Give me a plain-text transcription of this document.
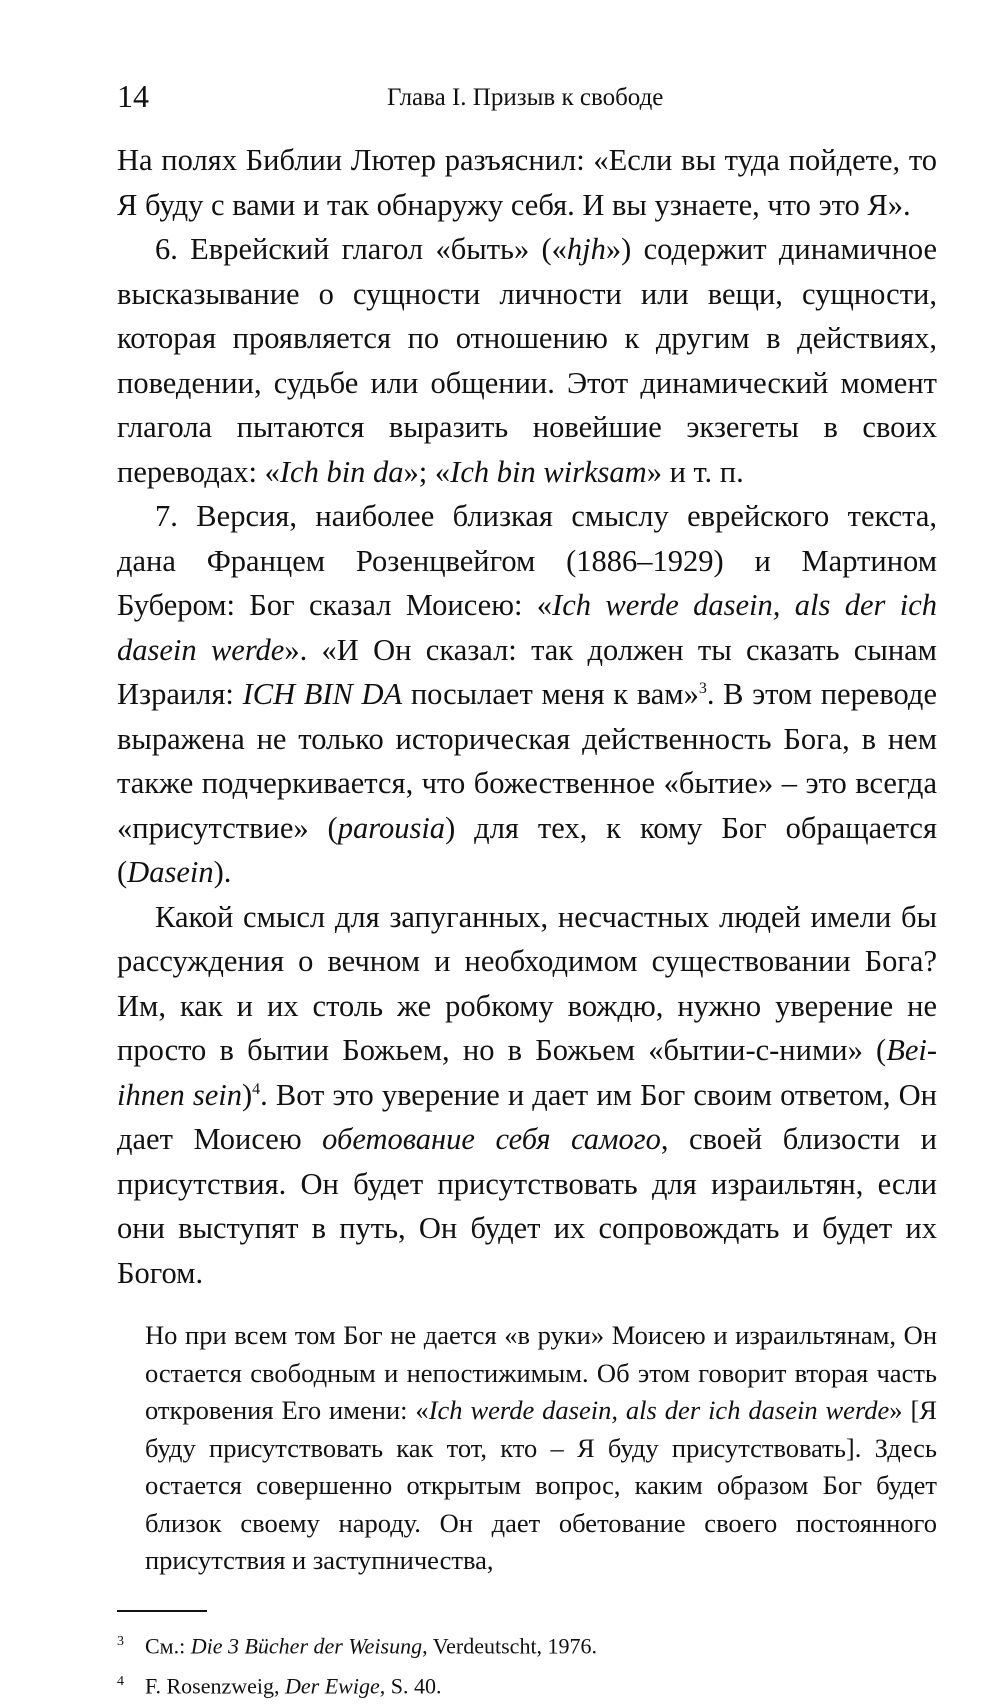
14	Глава I. Призыв к свободе

На полях Библии Лютер разъяснил: «Если вы туда пойдете, то Я буду с вами и так обнаружу себя. И вы узнаете, что это Я».

6. Еврейский глагол «быть» («hjh») содержит динамичное высказывание о сущности личности или вещи, сущности, которая проявляется по отношению к другим в действиях, поведении, судьбе или общении. Этот динамический момент глагола пытаются выразить новейшие экзегеты в своих переводах: «Ich bin da»; «Ich bin wirksam» и т. п.

7. Версия, наиболее близкая смыслу еврейского текста, дана Францем Розенцвейгом (1886–1929) и Мартином Бубером: Бог сказал Моисею: «Ich werde dasein, als der ich dasein werde». «И Он сказал: так должен ты сказать сынам Израиля: ICH BIN DA посылает меня к вам»$^3$. В этом переводе выражена не только историческая действенность Бога, в нем также подчеркивается, что божественное «бытие» – это всегда «присутствие» (parousia) для тех, к кому Бог обращается (Dasein).

Какой смысл для запуганных, несчастных людей имели бы рассуждения о вечном и необходимом существовании Бога? Им, как и их столь же робкому вождю, нужно уверение не просто в бытии Божьем, но в Божьем «бытии-с-ними» (Bei-ihnen sein)$^4$. Вот это уверение и дает им Бог своим ответом, Он дает Моисею обетование себя самого, своей близости и присутствия. Он будет присутствовать для израильтян, если они выступят в путь, Он будет их сопровождать и будет их Богом.

Но при всем том Бог не дается «в руки» Моисею и израильтянам, Он остается свободным и непостижимым. Об этом говорит вторая часть откровения Его имени: «Ich werde dasein, als der ich dasein werde» [Я буду присутствовать как тот, кто – Я буду присутствовать]. Здесь остается совершенно открытым вопрос, каким образом Бог будет близок своему народу. Он дает обетование своего постоянного присутствия и заступничества,

3 См.: Die 3 Bücher der Weisung, Verdeutscht, 1976.
4 F. Rosenzweig, Der Ewige, S. 40.
